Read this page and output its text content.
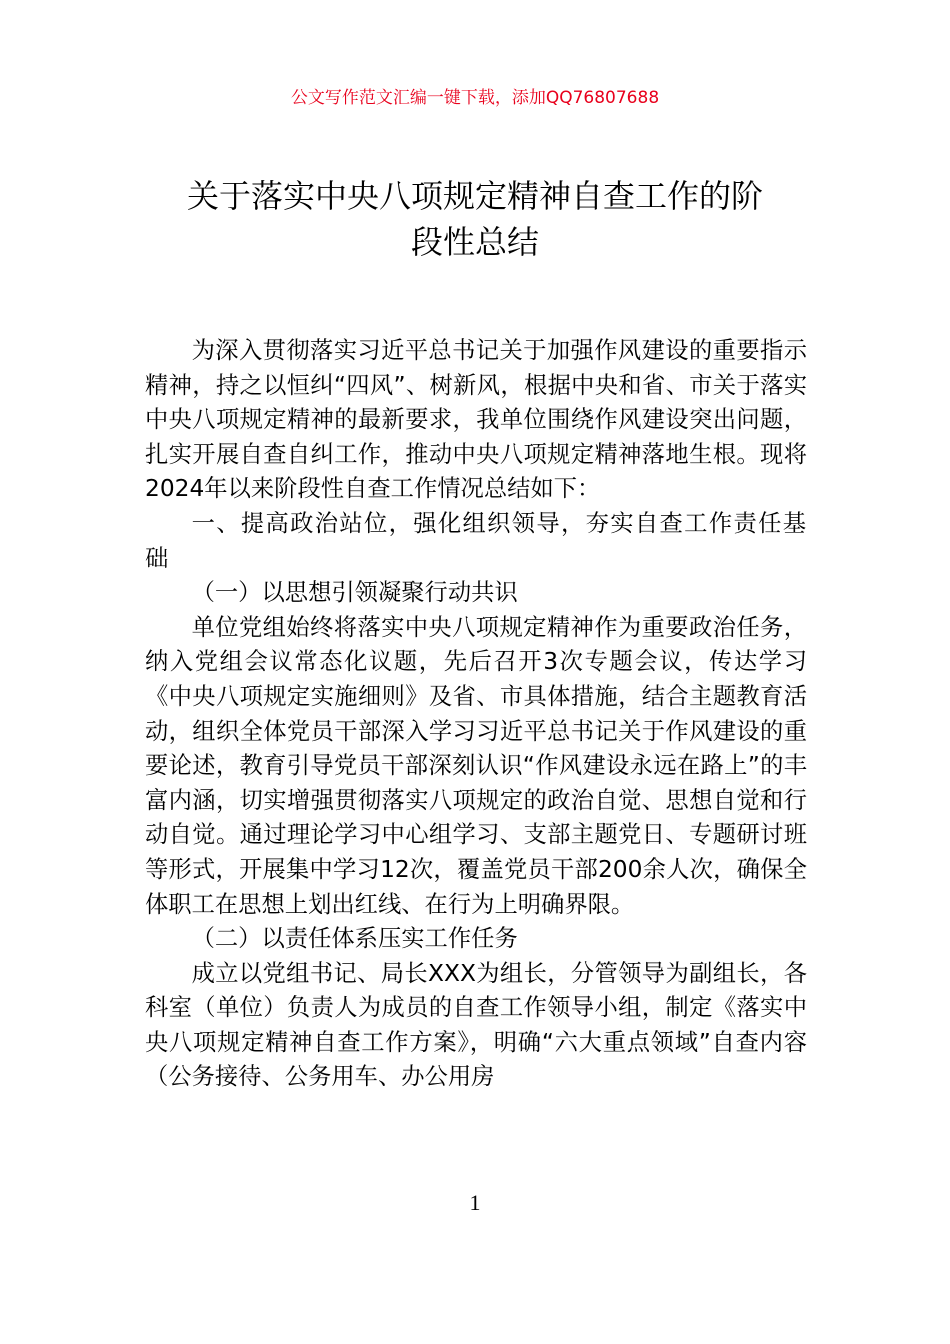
公文写作范文汇编一键下载，添加QQ76807688
关于落实中央八项规定精神自查工作的阶
段性总结

为深入贯彻落实习近平总书记关于加强作风建设的重要指示精神，持之以恒纠“四风”、树新风，根据中央和省、市关于落实中央八项规定精神的最新要求，我单位围绕作风建设突出问题，扎实开展自查自纠工作，推动中央八项规定精神落地生根。现将2024年以来阶段性自查工作情况总结如下：

一、提高政治站位，强化组织领导，夯实自查工作责任基础

（一）以思想引领凝聚行动共识

单位党组始终将落实中央八项规定精神作为重要政治任务，纳入党组会议常态化议题，先后召开3次专题会议，传达学习《中央八项规定实施细则》及省、市具体措施，结合主题教育活动，组织全体党员干部深入学习习近平总书记关于作风建设的重要论述，教育引导党员干部深刻认识“作风建设永远在路上”的丰富内涵，切实增强贯彻落实八项规定的政治自觉、思想自觉和行动自觉。通过理论学习中心组学习、支部主题党日、专题研讨班等形式，开展集中学习12次，覆盖党员干部200余人次，确保全体职工在思想上划出红线、在行为上明确界限。

（二）以责任体系压实工作任务

成立以党组书记、局长XXX为组长，分管领导为副组长，各科室（单位）负责人为成员的自查工作领导小组，制定《落实中央八项规定精神自查工作方案》，明确“六大重点领域”自查内容（公务接待、公务用车、办公用房

1
